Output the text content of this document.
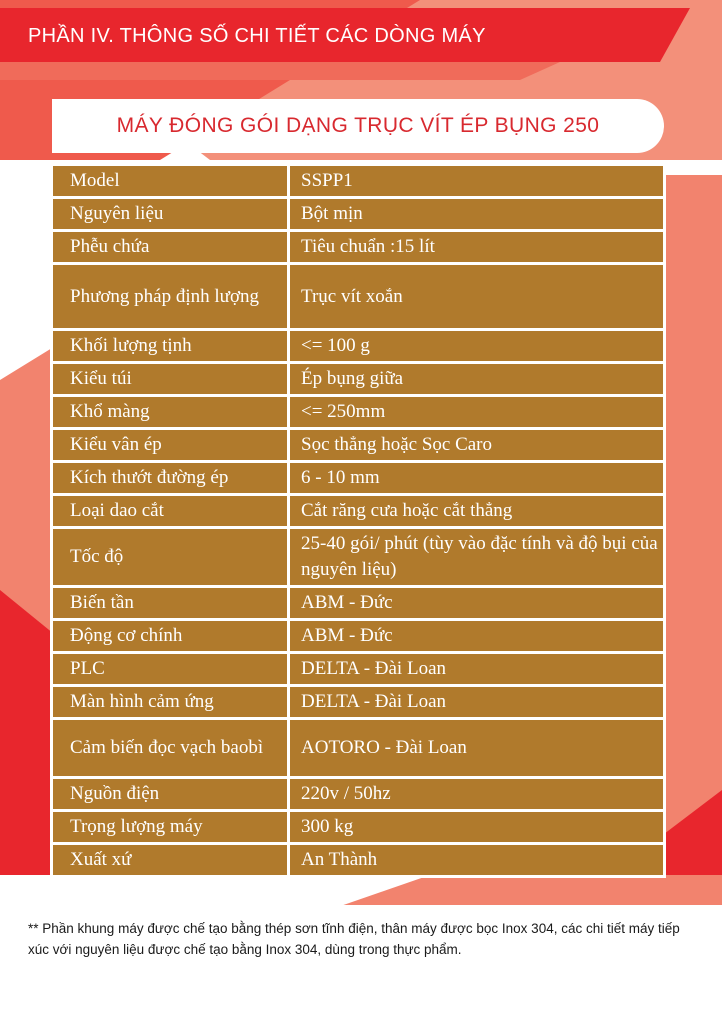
PHẦN IV. THÔNG SỐ CHI TIẾT CÁC DÒNG MÁY
MÁY ĐÓNG GÓI DẠNG TRỤC VÍT ÉP BỤNG 250
Model	SSPP1
Nguyên liệu	Bột mịn
Phễu chứa	Tiêu chuẩn :15 lít
Phương pháp định lượng	Trục vít xoắn
Khối lượng tịnh	<= 100 g
Kiểu túi	Ép bụng giữa
Khổ màng	<= 250mm
Kiểu vân ép	Sọc thẳng hoặc Sọc Caro
Kích thướt đường ép	6 - 10 mm
Loại dao cắt	Cắt răng cưa hoặc cắt thẳng
Tốc độ	25-40 gói/ phút (tùy vào đặc tính và độ bụi của nguyên liệu)
Biến tần	ABM - Đức
Động cơ chính	ABM - Đức
PLC	DELTA - Đài Loan
Màn hình cảm ứng	DELTA - Đài Loan
Cảm biến đọc vạch baobì	AOTORO - Đài Loan
Nguồn điện	220v / 50hz
Trọng lượng máy	300 kg
Xuất xứ	An Thành
** Phần khung máy được chế tạo bằng thép sơn tĩnh điện, thân máy được bọc Inox 304, các chi tiết máy tiếp xúc với nguyên liệu được chế tạo bằng Inox 304, dùng trong thực phẩm.
